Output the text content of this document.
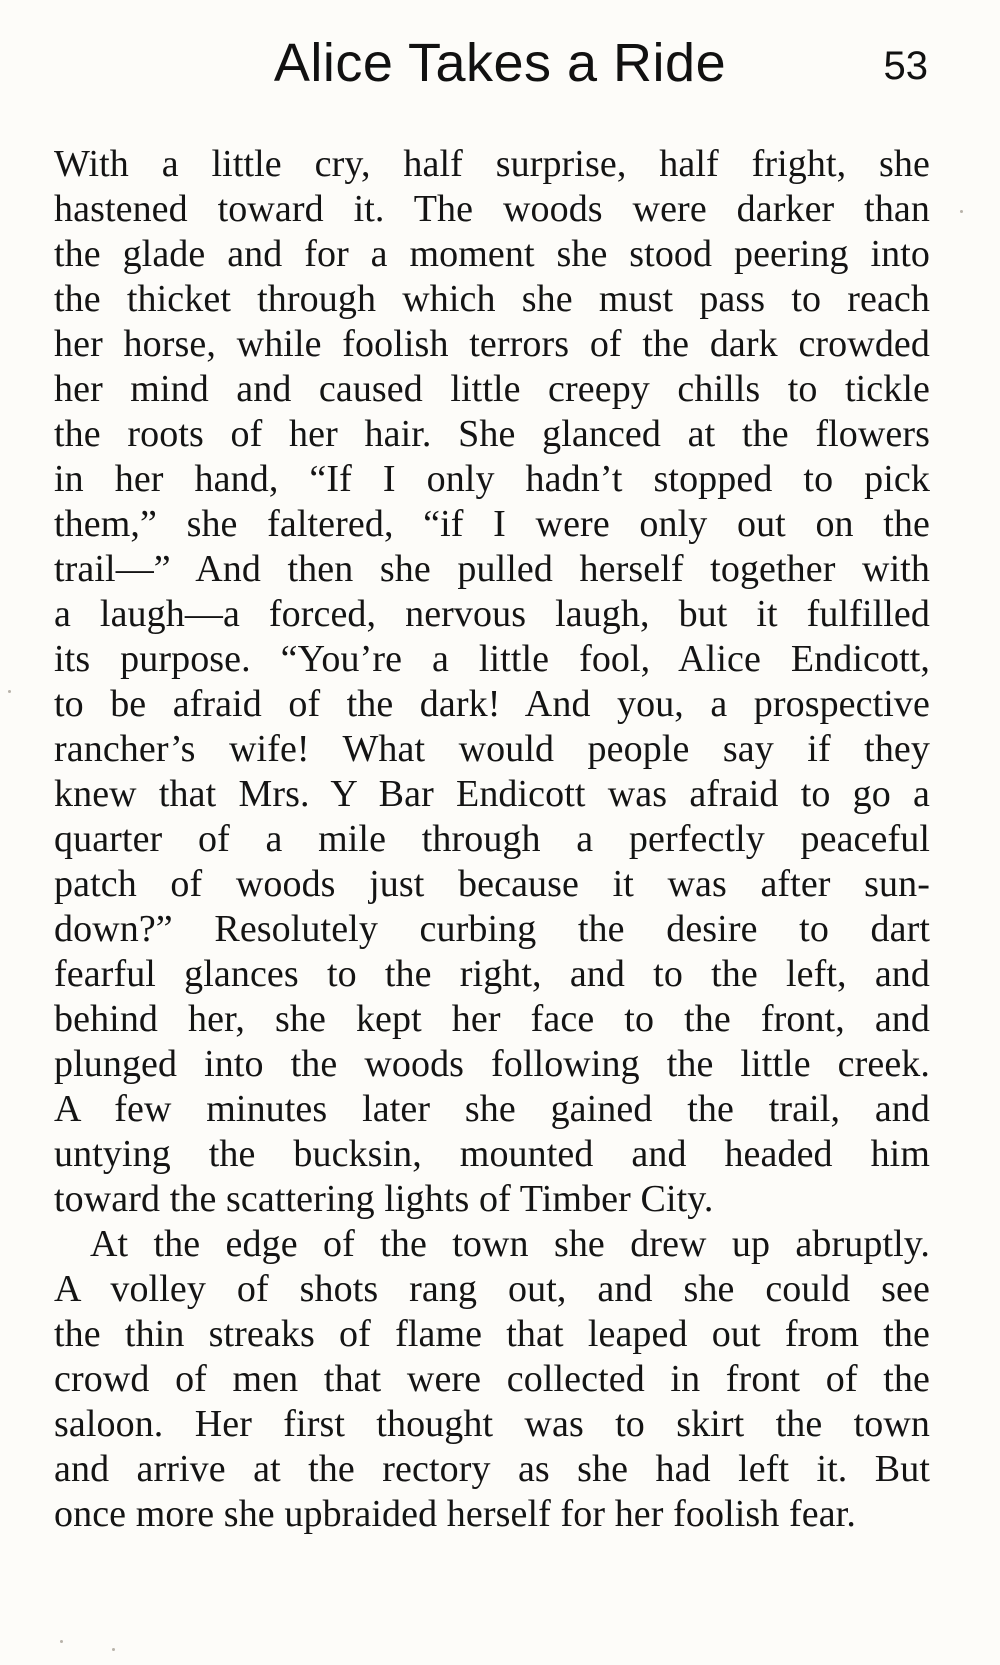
Alice Takes a Ride	53
With a little cry, half surprise, half fright, she
hastened toward it. The woods were darker than
the glade and for a moment she stood peering into
the thicket through which she must pass to reach
her horse, while foolish terrors of the dark crowded
her mind and caused little creepy chills to tickle
the roots of her hair. She glanced at the flowers
in her hand, “If I only hadn’t stopped to pick
them,” she faltered, “if I were only out on the
trail—” And then she pulled herself together with
a laugh—a forced, nervous laugh, but it fulfilled
its purpose. “You’re a little fool, Alice Endicott,
to be afraid of the dark! And you, a prospective
rancher’s wife! What would people say if they
knew that Mrs. Y Bar Endicott was afraid to go a
quarter of a mile through a perfectly peaceful
patch of woods just because it was after sun-
down?” Resolutely curbing the desire to dart
fearful glances to the right, and to the left, and
behind her, she kept her face to the front, and
plunged into the woods following the little creek.
A few minutes later she gained the trail, and
untying the bucksin, mounted and headed him
toward the scattering lights of Timber City.
At the edge of the town she drew up abruptly.
A volley of shots rang out, and she could see
the thin streaks of flame that leaped out from the
crowd of men that were collected in front of the
saloon. Her first thought was to skirt the town
and arrive at the rectory as she had left it. But
once more she upbraided herself for her foolish fear.
